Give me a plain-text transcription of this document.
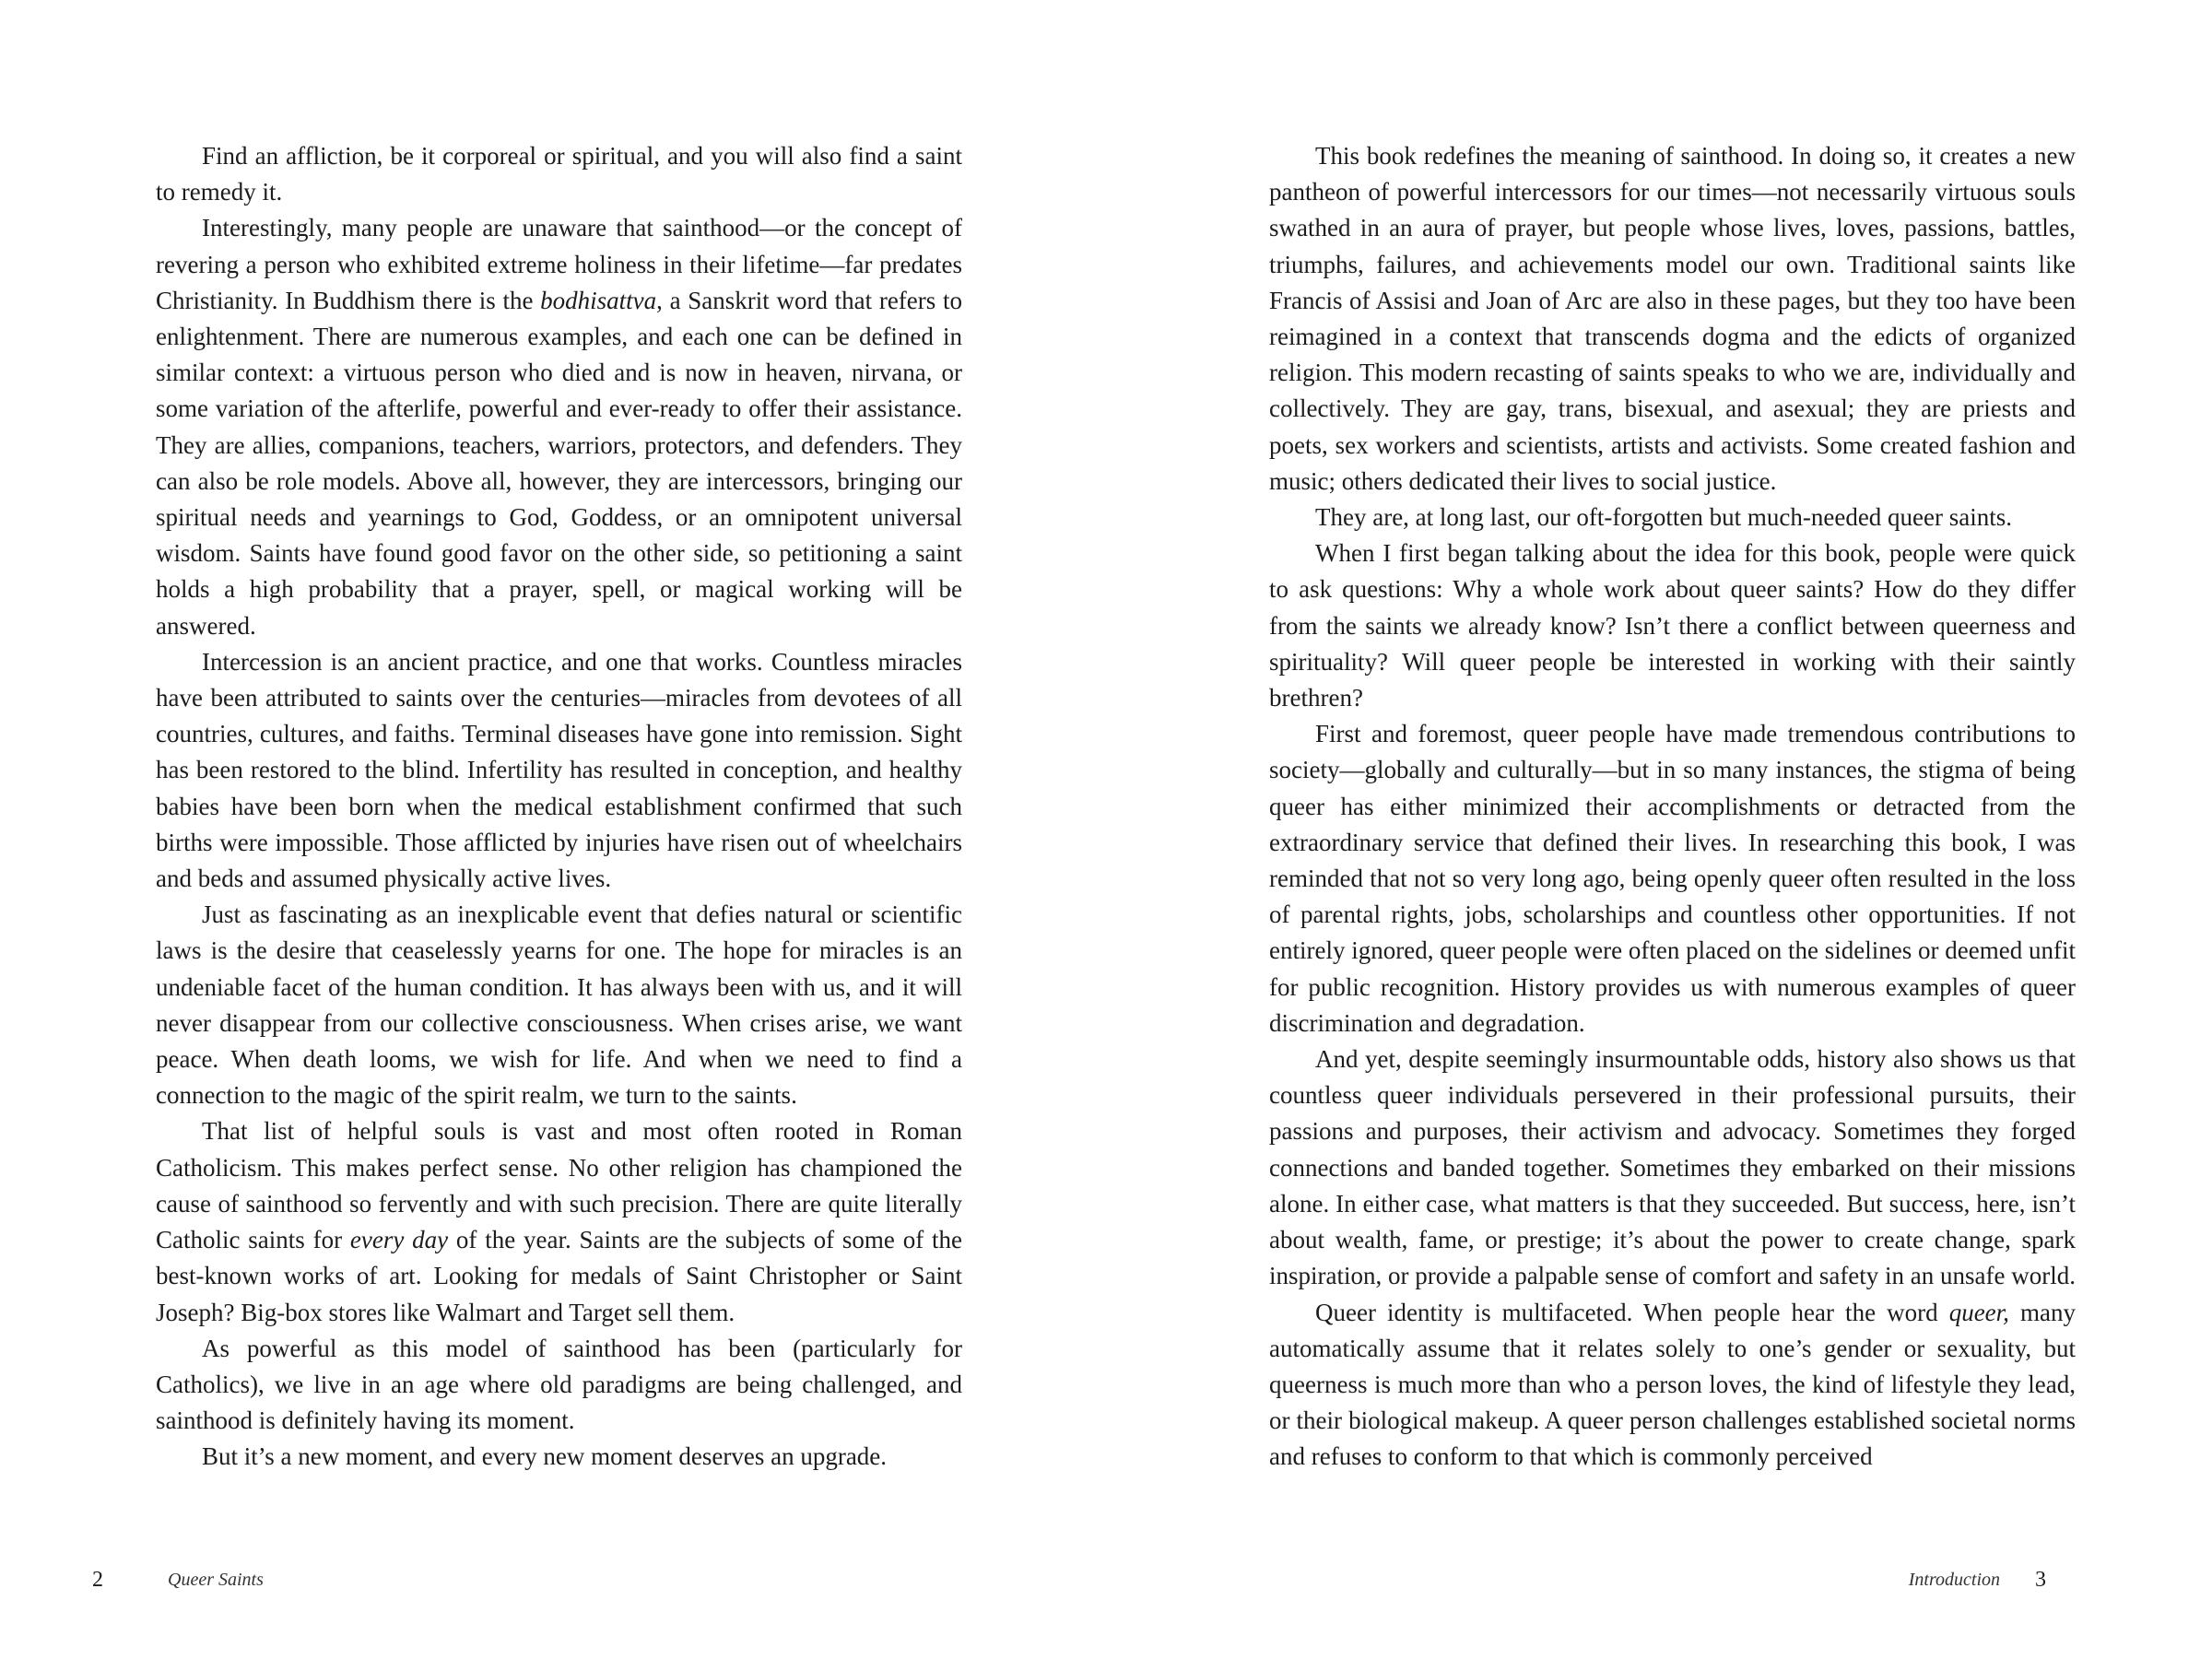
Find an affliction, be it corporeal or spiritual, and you will also find a saint to remedy it.

Interestingly, many people are unaware that sainthood—or the concept of revering a person who exhibited extreme holiness in their lifetime—far predates Christianity. In Buddhism there is the bodhisattva, a Sanskrit word that refers to enlightenment. There are numerous examples, and each one can be defined in similar context: a virtuous person who died and is now in heaven, nirvana, or some variation of the afterlife, powerful and ever-ready to offer their assistance. They are allies, companions, teachers, warriors, protectors, and defenders. They can also be role models. Above all, however, they are intercessors, bringing our spiritual needs and yearnings to God, Goddess, or an omnipotent universal wisdom. Saints have found good favor on the other side, so petitioning a saint holds a high probability that a prayer, spell, or magical working will be answered.

Intercession is an ancient practice, and one that works. Countless miracles have been attributed to saints over the centuries—miracles from devotees of all countries, cultures, and faiths. Terminal diseases have gone into remission. Sight has been restored to the blind. Infertility has resulted in conception, and healthy babies have been born when the medical establishment confirmed that such births were impossible. Those afflicted by injuries have risen out of wheelchairs and beds and assumed physically active lives.

Just as fascinating as an inexplicable event that defies natural or scientific laws is the desire that ceaselessly yearns for one. The hope for miracles is an undeniable facet of the human condition. It has always been with us, and it will never disappear from our collective consciousness. When crises arise, we want peace. When death looms, we wish for life. And when we need to find a connection to the magic of the spirit realm, we turn to the saints.

That list of helpful souls is vast and most often rooted in Roman Catholicism. This makes perfect sense. No other religion has championed the cause of sainthood so fervently and with such precision. There are quite literally Catholic saints for every day of the year. Saints are the subjects of some of the best-known works of art. Looking for medals of Saint Christopher or Saint Joseph? Big-box stores like Walmart and Target sell them.

As powerful as this model of sainthood has been (particularly for Catholics), we live in an age where old paradigms are being challenged, and sainthood is definitely having its moment.

But it’s a new moment, and every new moment deserves an upgrade.

2	Queer Saints

This book redefines the meaning of sainthood. In doing so, it creates a new pantheon of powerful intercessors for our times—not necessarily virtuous souls swathed in an aura of prayer, but people whose lives, loves, passions, battles, triumphs, failures, and achievements model our own. Traditional saints like Francis of Assisi and Joan of Arc are also in these pages, but they too have been reimagined in a context that transcends dogma and the edicts of organized religion. This modern recasting of saints speaks to who we are, individually and collectively. They are gay, trans, bisexual, and asexual; they are priests and poets, sex workers and scientists, artists and activists. Some created fashion and music; others dedicated their lives to social justice.

They are, at long last, our oft-forgotten but much-needed queer saints.

When I first began talking about the idea for this book, people were quick to ask questions: Why a whole work about queer saints? How do they differ from the saints we already know? Isn’t there a conflict between queerness and spirituality? Will queer people be interested in working with their saintly brethren?

First and foremost, queer people have made tremendous contributions to society—globally and culturally—but in so many instances, the stigma of being queer has either minimized their accomplishments or detracted from the extraordinary service that defined their lives. In researching this book, I was reminded that not so very long ago, being openly queer often resulted in the loss of parental rights, jobs, scholarships and countless other opportunities. If not entirely ignored, queer people were often placed on the sidelines or deemed unfit for public recognition. History provides us with numerous examples of queer discrimination and degradation.

And yet, despite seemingly insurmountable odds, history also shows us that countless queer individuals persevered in their professional pursuits, their passions and purposes, their activism and advocacy. Sometimes they forged connections and banded together. Sometimes they embarked on their missions alone. In either case, what matters is that they succeeded. But success, here, isn’t about wealth, fame, or prestige; it’s about the power to create change, spark inspiration, or provide a palpable sense of comfort and safety in an unsafe world.

Queer identity is multifaceted. When people hear the word queer, many automatically assume that it relates solely to one’s gender or sexuality, but queerness is much more than who a person loves, the kind of lifestyle they lead, or their biological makeup. A queer person challenges established societal norms and refuses to conform to that which is commonly perceived

Introduction 3
